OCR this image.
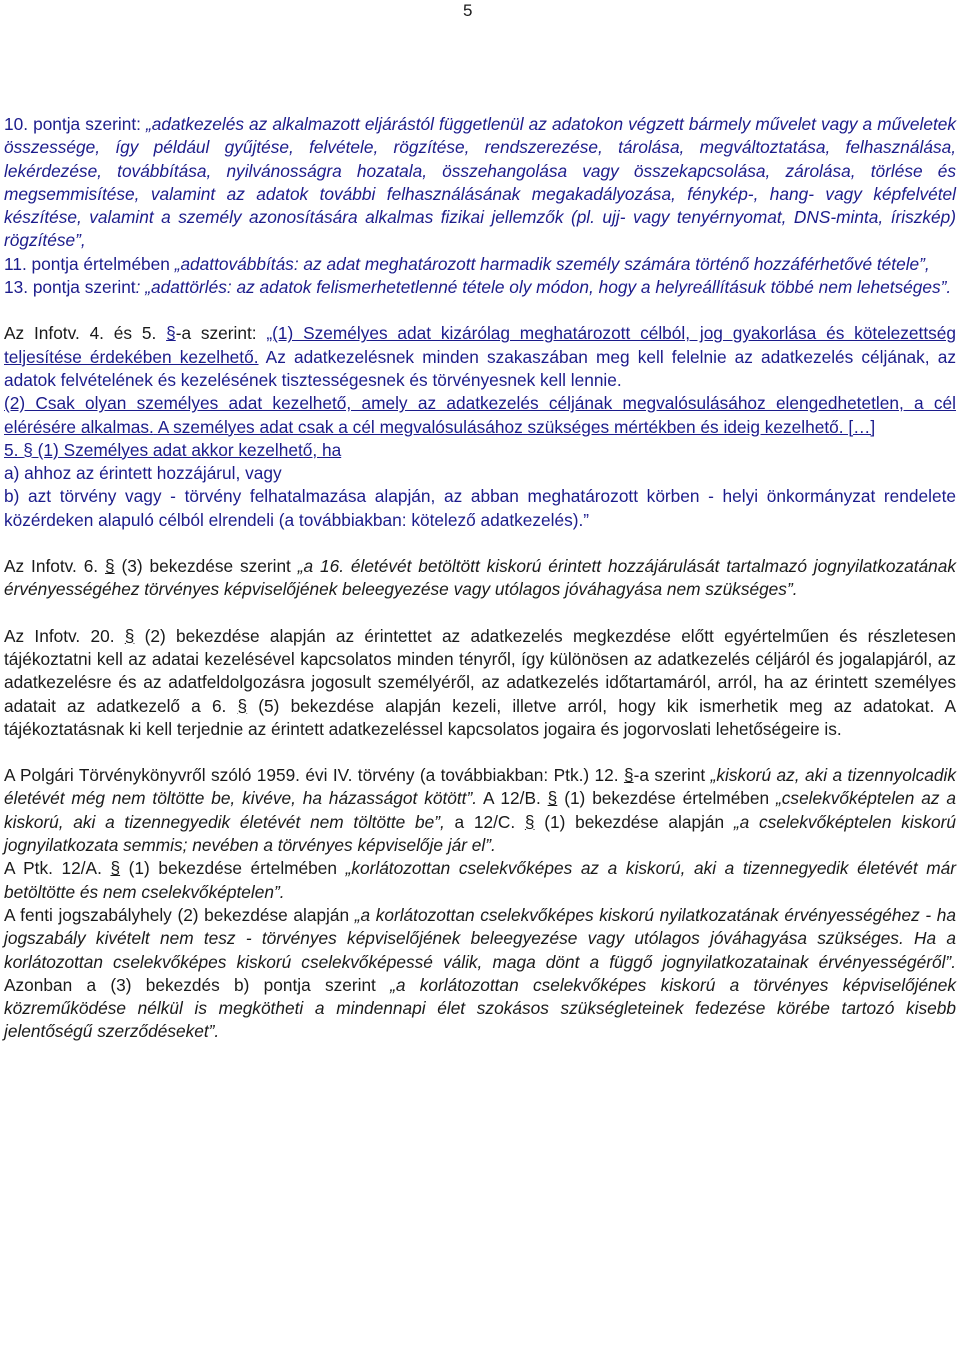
5

10. pontja szerint: „adatkezelés az alkalmazott eljárástól függetlenül az adatokon végzett bármely művelet vagy a műveletek összessége, így például gyűjtése, felvétele, rögzítése, rendszerezése, tárolása, megváltoztatása, felhasználása, lekérdezése, továbbítása, nyilvánosságra hozatala, összehangolása vagy összekapcsolása, zárolása, törlése és megsemmisítése, valamint az adatok további felhasználásának megakadályozása, fénykép-, hang- vagy képfelvétel készítése, valamint a személy azonosítására alkalmas fizikai jellemzők (pl. ujj- vagy tenyérnyomat, DNS-minta, íriszkép) rögzítése”,

11. pontja értelmében „adattovábbítás: az adat meghatározott harmadik személy számára történő hozzáférhetővé tétele”,

13. pontja szerint: „adattörlés: az adatok felismerhetetlenné tétele oly módon, hogy a helyreállításuk többé nem lehetséges”.

Az Infotv. 4. és 5. §-a szerint: „(1) Személyes adat kizárólag meghatározott célból, jog gyakorlása és kötelezettség teljesítése érdekében kezelhető. Az adatkezelésnek minden szakaszában meg kell felelnie az adatkezelés céljának, az adatok felvételének és kezelésének tisztességesnek és törvényesnek kell lennie.

(2) Csak olyan személyes adat kezelhető, amely az adatkezelés céljának megvalósulásához elengedhetetlen, a cél elérésére alkalmas. A személyes adat csak a cél megvalósulásához szükséges mértékben és ideig kezelhető. […]

5. § (1) Személyes adat akkor kezelhető, ha

a) ahhoz az érintett hozzájárul, vagy

b) azt törvény vagy - törvény felhatalmazása alapján, az abban meghatározott körben - helyi önkormányzat rendelete közérdeken alapuló célból elrendeli (a továbbiakban: kötelező adatkezelés).”

Az Infotv. 6. § (3) bekezdése szerint „a 16. életévét betöltött kiskorú érintett hozzájárulását tartalmazó jognyilatkozatának érvényességéhez törvényes képviselőjének beleegyezése vagy utólagos jóváhagyása nem szükséges”.

Az Infotv. 20. § (2) bekezdése alapján az érintettet az adatkezelés megkezdése előtt egyértelműen és részletesen tájékoztatni kell az adatai kezelésével kapcsolatos minden tényről, így különösen az adatkezelés céljáról és jogalapjáról, az adatkezelésre és az adatfeldolgozásra jogosult személyéről, az adatkezelés időtartamáról, arról, ha az érintett személyes adatait az adatkezelő a 6. § (5) bekezdése alapján kezeli, illetve arról, hogy kik ismerhetik meg az adatokat. A tájékoztatásnak ki kell terjednie az érintett adatkezeléssel kapcsolatos jogaira és jogorvoslati lehetőségeire is.

A Polgári Törvénykönyvről szóló 1959. évi IV. törvény (a továbbiakban: Ptk.) 12. §-a szerint „kiskorú az, aki a tizennyolcadik életévét még nem töltötte be, kivéve, ha házasságot kötött”. A 12/B. § (1) bekezdése értelmében „cselekvőképtelen az a kiskorú, aki a tizennegyedik életévét nem töltötte be”, a 12/C. § (1) bekezdése alapján „a cselekvőképtelen kiskorú jognyilatkozata semmis; nevében a törvényes képviselője jár el”.

A Ptk. 12/A. § (1) bekezdése értelmében „korlátozottan cselekvőképes az a kiskorú, aki a tizennegyedik életévét már betöltötte és nem cselekvőképtelen”.

A fenti jogszabályhely (2) bekezdése alapján „a korlátozottan cselekvőképes kiskorú nyilatkozatának érvényességéhez - ha jogszabály kivételt nem tesz - törvényes képviselőjének beleegyezése vagy utólagos jóváhagyása szükséges. Ha a korlátozottan cselekvőképes kiskorú cselekvőképessé válik, maga dönt a függő jognyilatkozatainak érvényességéről”. Azonban a (3) bekezdés b) pontja szerint „a korlátozottan cselekvőképes kiskorú a törvényes képviselőjének közreműködése nélkül is megkötheti a mindennapi élet szokásos szükségleteinek fedezése körébe tartozó kisebb jelentőségű szerződéseket”.
